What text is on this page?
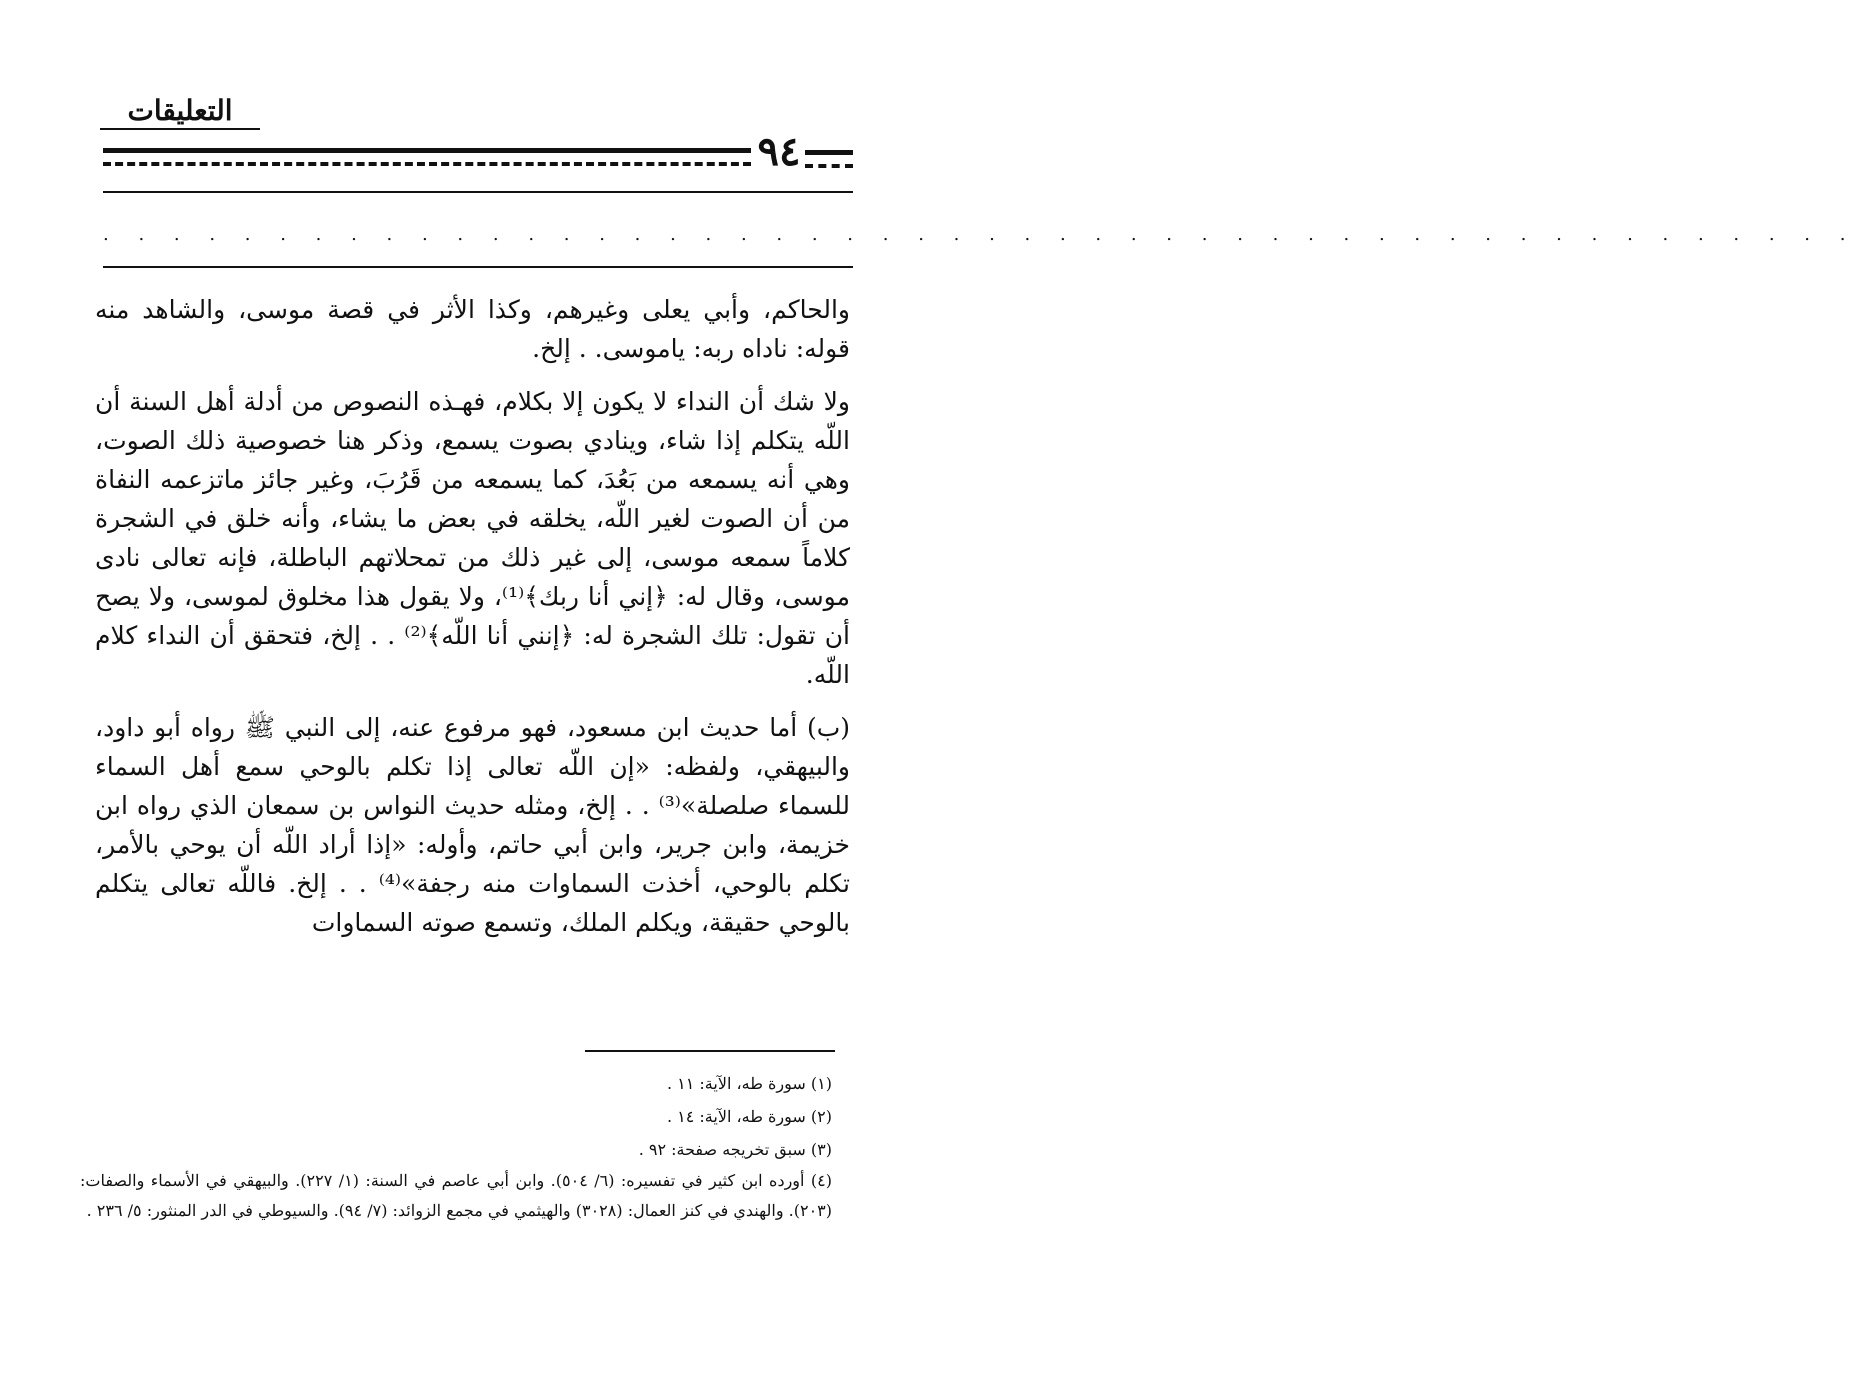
التعليقات
٩٤
. . . . . . . . . . . . . . . . . . . . . . . . . . . . . . . . . . . . . . . . . . . . . . . . . .

والحاكم، وأبي يعلى وغيرهم، وكذا الأثر في قصة موسى، والشاهد منه قوله: ناداه ربه: ياموسى. . إلخ.

ولا شك أن النداء لا يكون إلا بكلام، فهـذه النصوص من أدلة أهل السنة أن اللّه يتكلم إذا شاء، وينادي بصوت يسمع، وذكر هنا خصوصية ذلك الصوت، وهي أنه يسمعه من بَعُدَ، كما يسمعه من قَرُبَ، وغير جائز ماتزعمه النفاة من أن الصوت لغير اللّه، يخلقه في بعض ما يشاء، وأنه خلق في الشجرة كلاماً سمعه موسى، إلى غير ذلك من تمحلاتهم الباطلة، فإنه تعالى نادى موسى، وقال له: ﴿إني أنا ربك﴾⁽¹⁾، ولا يقول هذا مخلوق لموسى، ولا يصح أن تقول: تلك الشجرة له: ﴿إنني أنا اللّه﴾⁽²⁾ . . إلخ، فتحقق أن النداء كلام اللّه.

(ب) أما حديث ابن مسعود، فهو مرفوع عنه، إلى النبي ﷺ رواه أبو داود، والبيهقي، ولفظه: «إن اللّه تعالى إذا تكلم بالوحي سمع أهل السماء للسماء صلصلة»⁽³⁾ . . إلخ، ومثله حديث النواس بن سمعان الذي رواه ابن خزيمة، وابن جرير، وابن أبي حاتم، وأوله: «إذا أراد اللّه أن يوحي بالأمر، تكلم بالوحي، أخذت السماوات منه رجفة»⁽⁴⁾ . . إلخ. فاللّه تعالى يتكلم بالوحي حقيقة، ويكلم الملك، وتسمع صوته السماوات

(١) سورة طه، الآية: ١١ .

(٢) سورة طه، الآية: ١٤ .

(٣) سبق تخريجه صفحة: ٩٢ .

(٤) أورده ابن كثير في تفسيره: (٦/ ٥٠٤). وابن أبي عاصم في السنة: (١/ ٢٢٧). والبيهقي في الأسماء والصفات: (٢٠٣). والهندي في كنز العمال: (٣٠٢٨) والهيثمي في مجمع الزوائد: (٧/ ٩٤). والسيوطي في الدر المنثور: ٥/ ٢٣٦ .
